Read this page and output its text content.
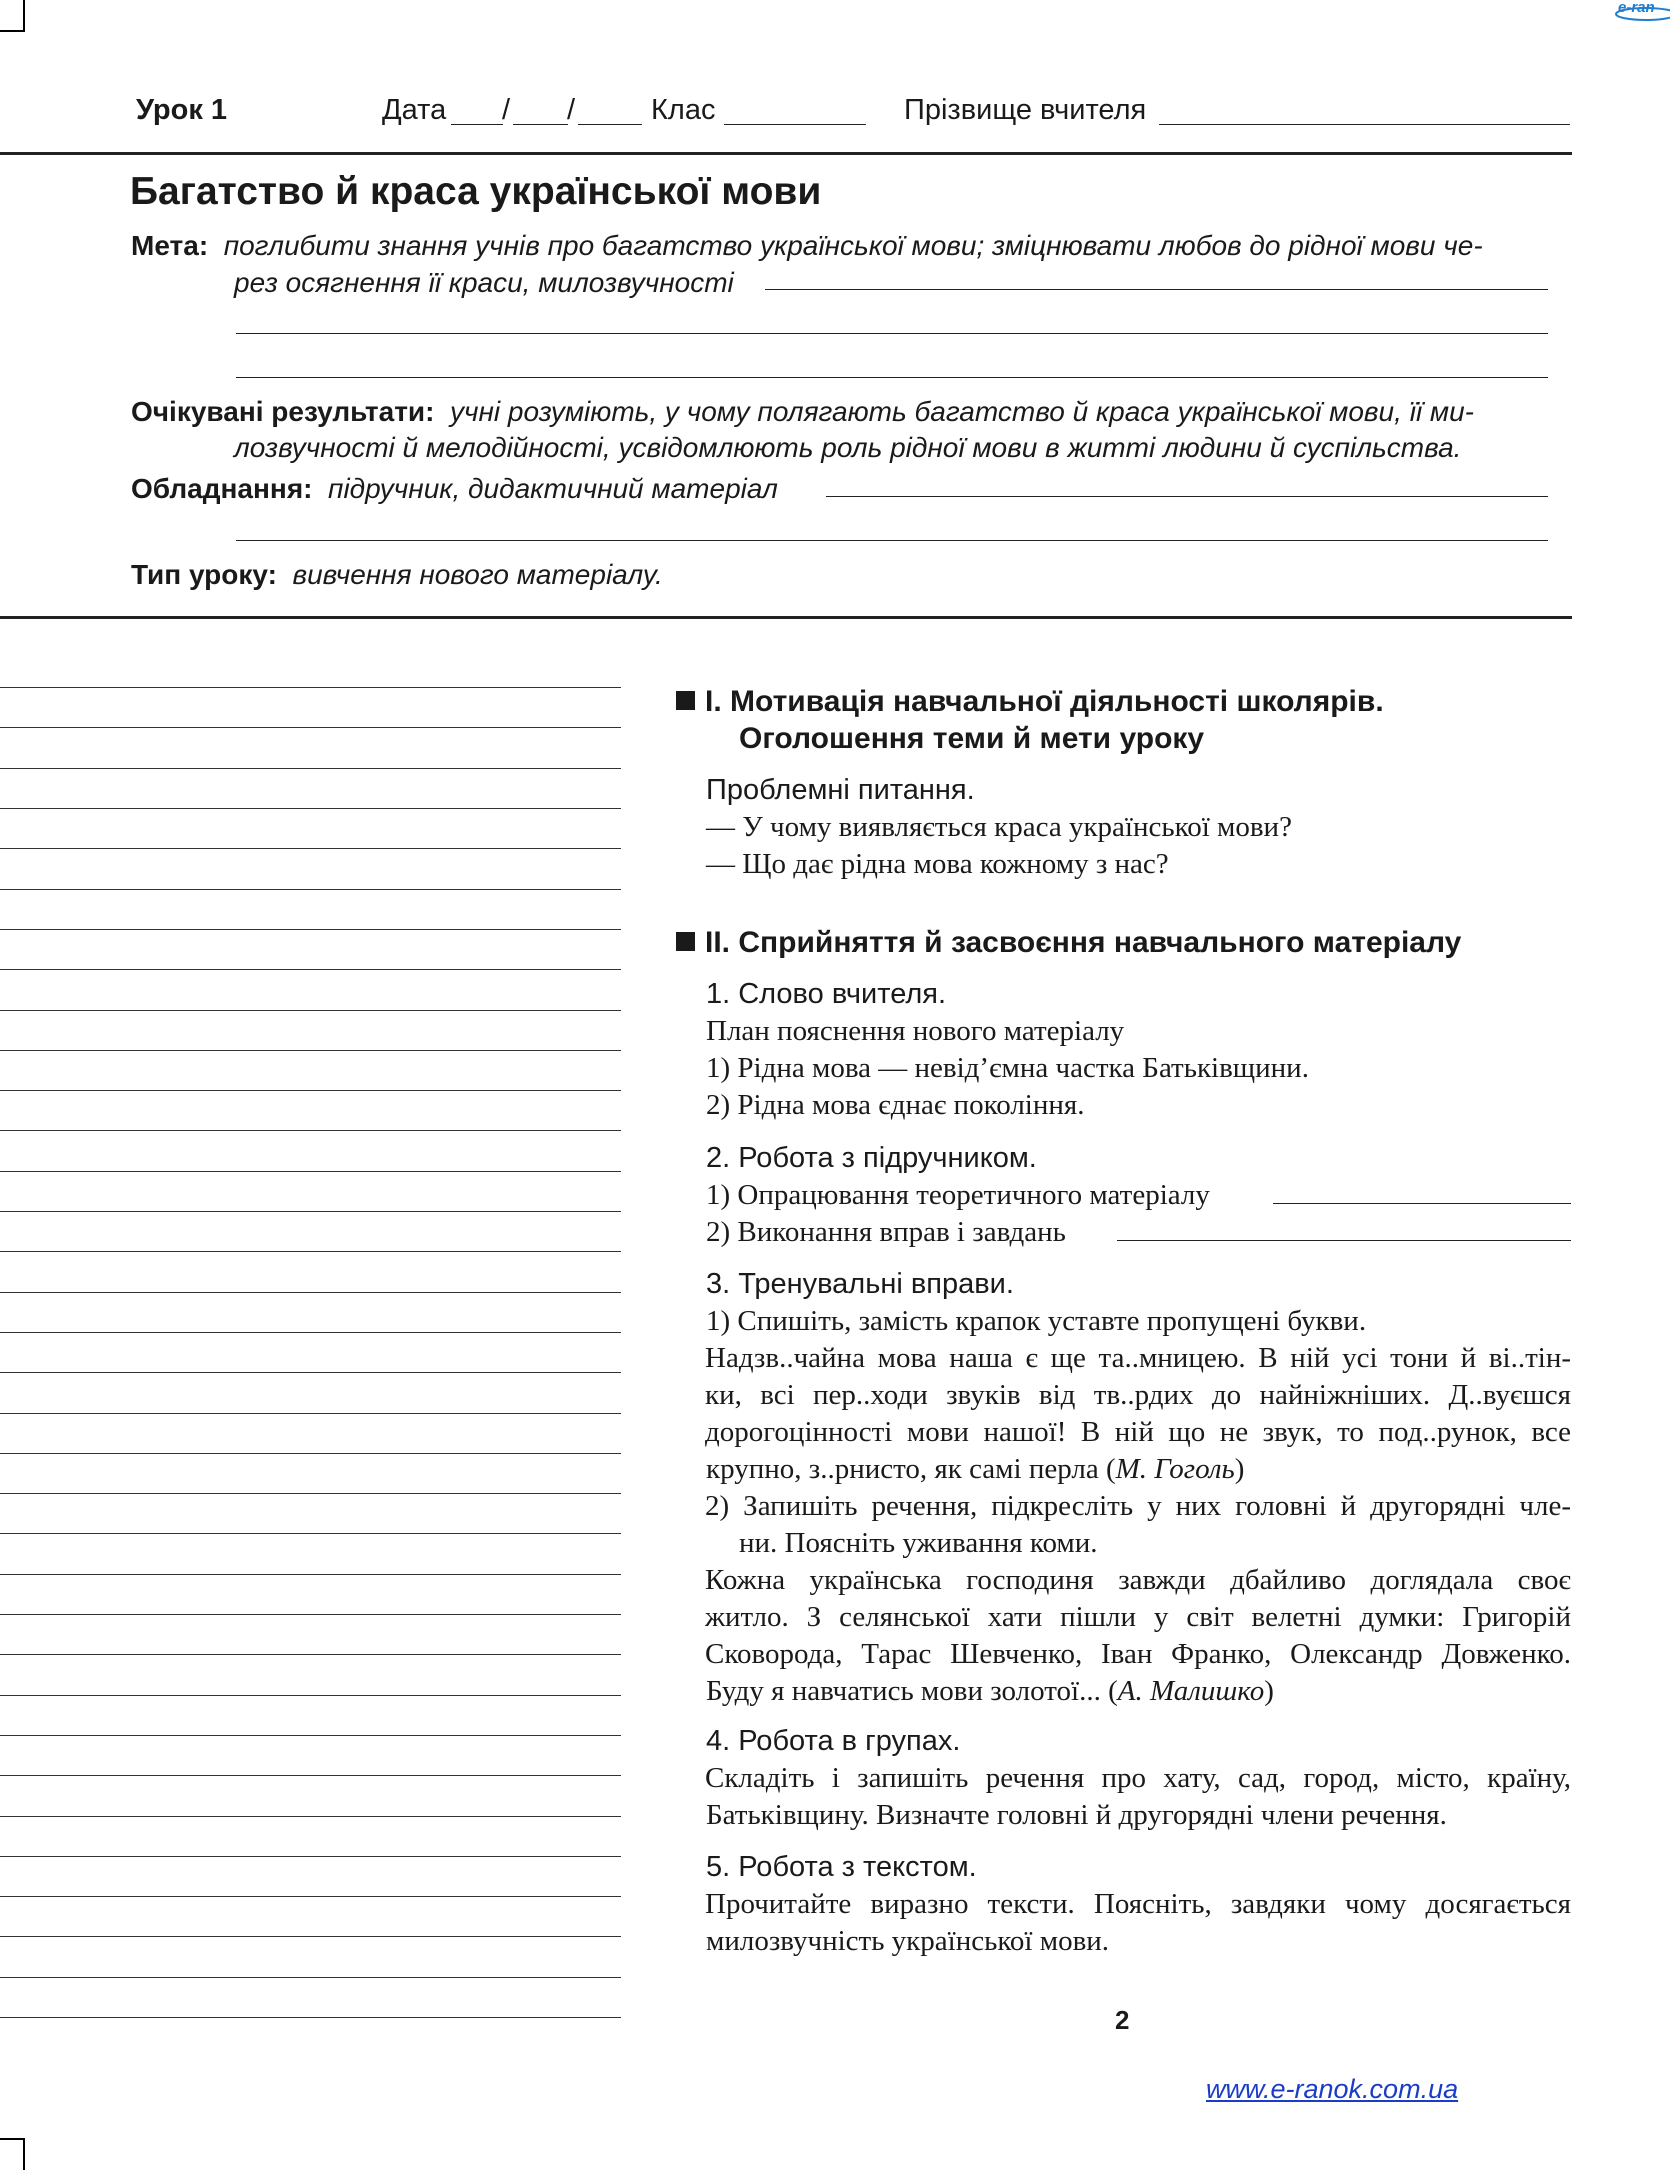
e-ran
Урок 1	Дата / /	Клас	Прізвище вчителя
Багатство й краса української мови
Мета: поглибити знання учнів про багатство української мови; зміцнювати любов до рідної мови че-
рез осягнення її краси, милозвучності
Очікувані результати: учні розуміють, у чому полягають багатство й краса української мови, її ми-
лозвучності й мелодійності, усвідомлюють роль рідної мови в житті людини й суспільства.
Обладнання: підручник, дидактичний матеріал
Тип уроку: вивчення нового матеріалу.
I. Мотивація навчальної діяльності школярів.
Оголошення теми й мети уроку
Проблемні питання.
— У чому виявляється краса української мови?
— Що дає рідна мова кожному з нас?
II. Сприйняття й засвоєння навчального матеріалу
1. Слово вчителя.
План пояснення нового матеріалу
1) Рідна мова — невід’ємна частка Батьківщини.
2) Рідна мова єднає покоління.
2. Робота з підручником.
1) Опрацювання теоретичного матеріалу
2) Виконання вправ і завдань
3. Тренувальні вправи.
1) Спишіть, замість крапок уставте пропущені букви.
Надзв..чайна мова наша є ще та..мницею. В ній усі тони й ві..тін-
ки, всі пер..ходи звуків від тв..рдих до найніжніших. Д..вуєшся
дорогоцінності мови нашої! В ній що не звук, то под..рунок, все
крупно, з..рнисто, як самі перла (М. Гоголь)
2) Запишіть речення, підкресліть у них головні й другорядні чле-
ни. Поясніть уживання коми.
Кожна українська господиня завжди дбайливо доглядала своє
житло. З селянської хати пішли у світ велетні думки: Григорій
Сковорода, Тарас Шевченко, Іван Франко, Олександр Довженко.
Буду я навчатись мови золотої... (А. Малишко)
4. Робота в групах.
Складіть і запишіть речення про хату, сад, город, місто, країну,
Батьківщину. Визначте головні й другорядні члени речення.
5. Робота з текстом.
Прочитайте виразно тексти. Поясніть, завдяки чому досягається
милозвучність української мови.
2
www.e-ranok.com.ua
